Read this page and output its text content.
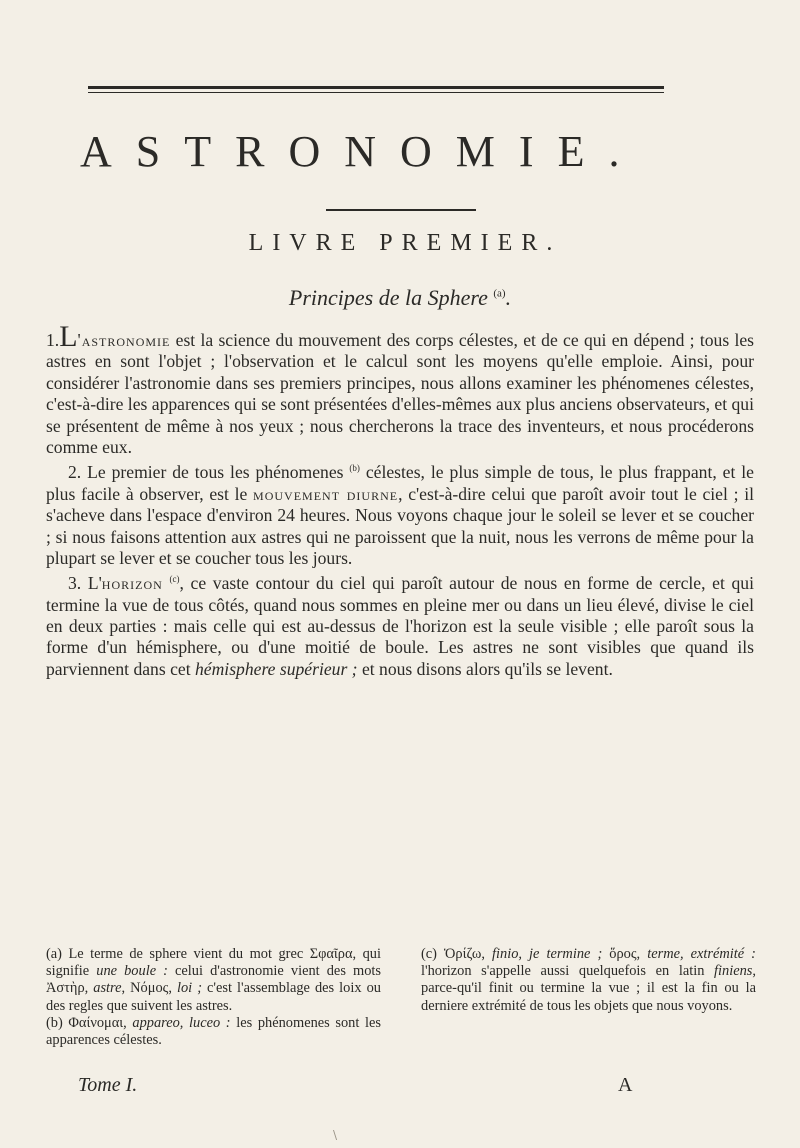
ASTRONOMIE.
LIVRE PREMIER.
Principes de la Sphere $^{(a)}$.

1.L'astronomie est la science du mouvement des corps célestes, et de ce qui en dépend ; tous les astres en sont l'objet ; l'observation et le calcul sont les moyens qu'elle emploie. Ainsi, pour considérer l'astronomie dans ses premiers principes, nous allons examiner les phénomenes célestes, c'est-à-dire les apparences qui se sont présentées d'elles-mêmes aux plus anciens observateurs, et qui se présentent de même à nos yeux ; nous chercherons la trace des inventeurs, et nous procéderons comme eux.

2. Le premier de tous les phénomenes $^{(b)}$ célestes, le plus simple de tous, le plus frappant, et le plus facile à observer, est le mouvement diurne, c'est-à-dire celui que paroît avoir tout le ciel ; il s'acheve dans l'espace d'environ 24 heures. Nous voyons chaque jour le soleil se lever et se coucher ; si nous faisons attention aux astres qui ne paroissent que la nuit, nous les verrons de même pour la plupart se lever et se coucher tous les jours.

3. L'horizon $^{(c)}$, ce vaste contour du ciel qui paroît autour de nous en forme de cercle, et qui termine la vue de tous côtés, quand nous sommes en pleine mer ou dans un lieu élevé, divise le ciel en deux parties : mais celle qui est au-dessus de l'horizon est la seule visible ; elle paroît sous la forme d'un hémisphere, ou d'une moitié de boule. Les astres ne sont visibles que quand ils parviennent dans cet hémisphere supérieur ; et nous disons alors qu'ils se levent.

(a) Le terme de sphere vient du mot grec Σφαῖρα, qui signifie une boule : celui d'astronomie vient des mots Ἀστὴρ, astre, Νόμος, loi ; c'est l'assemblage des loix ou des regles que suivent les astres.

(b) Φαίνομαι, appareo, luceo : les phénomenes sont les apparences célestes.

(c) Ὁρίζω, finio, je termine ; ὅρος, terme, extrémité : l'horizon s'appelle aussi quelquefois en latin finiens, parce-qu'il finit ou termine la vue ; il est la fin ou la derniere extrémité de tous les objets que nous voyons.

Tome I.	A
\
